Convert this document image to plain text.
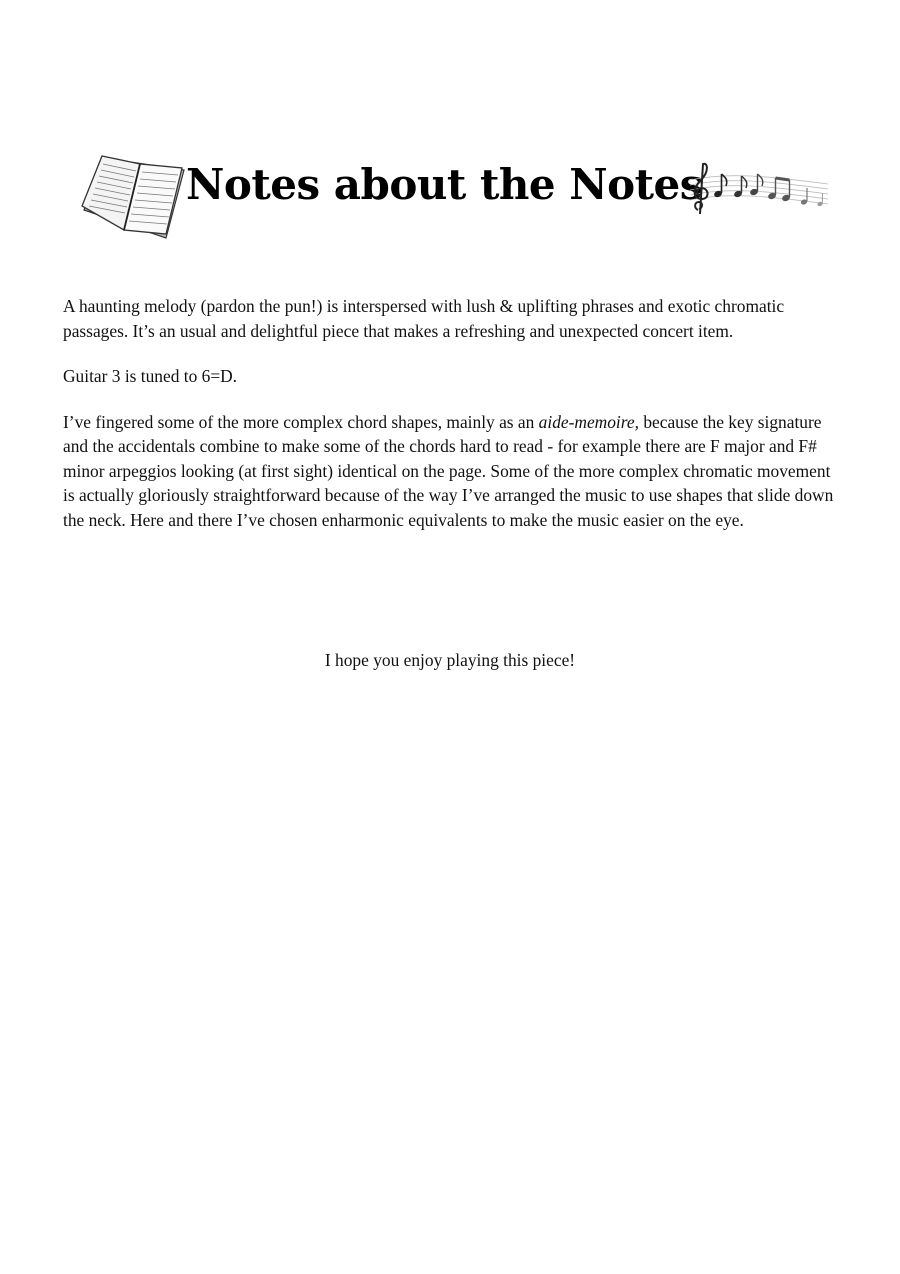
Notes about the Notes

A haunting melody (pardon the pun!) is interspersed with lush & uplifting phrases and exotic chromatic passages. It’s an usual and delightful piece that makes a refreshing and unexpected concert item.

Guitar 3 is tuned to 6=D.

I’ve fingered some of the more complex chord shapes, mainly as an aide-memoire, because the key signature and the accidentals combine to make some of the chords hard to read - for example there are F major and F# minor arpeggios looking (at first sight) identical on the page. Some of the more complex chromatic movement is actually gloriously straightforward because of the way I’ve arranged the music to use shapes that slide down the neck. Here and there I’ve chosen enharmonic equivalents to make the music easier on the eye.

I hope you enjoy playing this piece!
